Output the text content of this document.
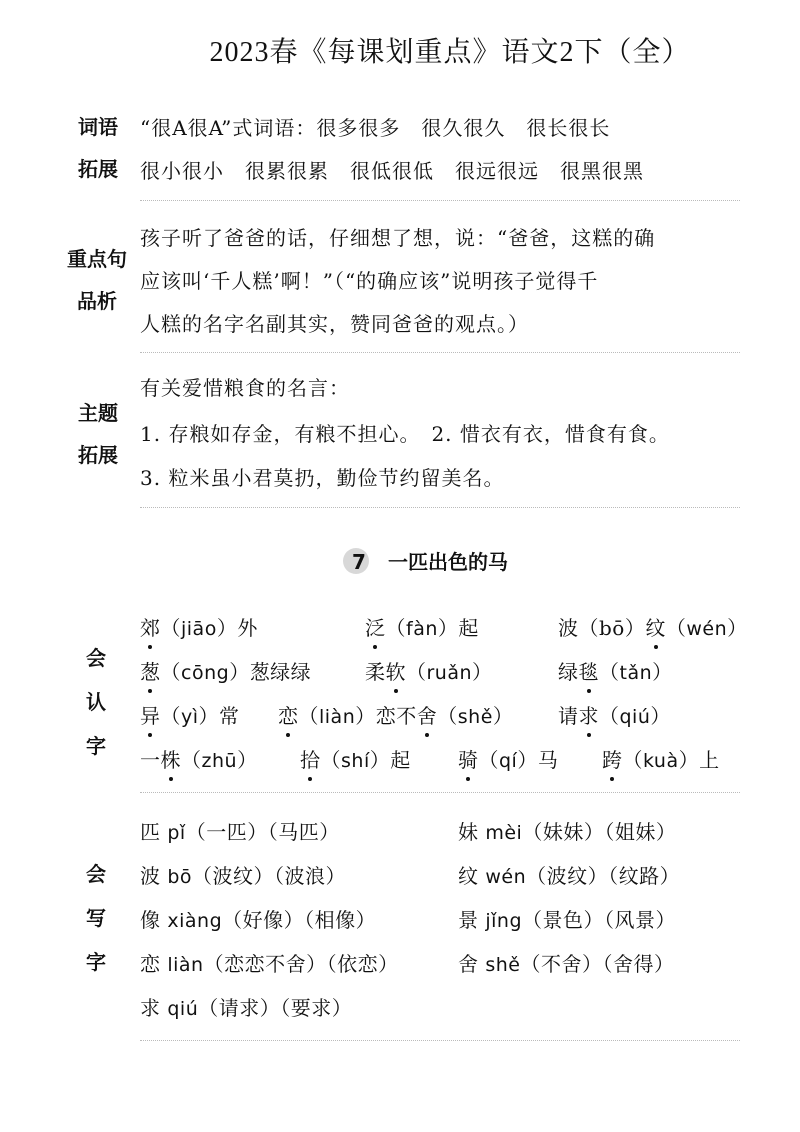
2023春《每课划重点》语文2下（全）
词语
拓展
“很A很A”式词语：很多很多　很久很久　很长很长
很小很小　很累很累　很低很低　很远很远　很黑很黑
重点句
品析
孩子听了爸爸的话，仔细想了想，说：“爸爸，这糕的确
应该叫‘千人糕’啊！”（“的确应该”说明孩子觉得千
人糕的名字名副其实，赞同爸爸的观点。）
主题
拓展
有关爱惜粮食的名言：
1. 存粮如存金，有粮不担心。　2. 惜衣有衣，惜食有食。
3. 粒米虽小君莫扔，勤俭节约留美名。
7 一匹出色的马
会
认
字
郊（jiāo）外	泛（fàn）起	波（bō）纹（wén）
葱（cōng）葱绿绿	柔软（ruǎn）	绿毯（tǎn）
异（yì）常 恋（liàn）恋不舍（shě） 请求（qiú）
一株（zhū） 拾（shí）起 骑（qí）马 跨（kuà）上
会
写
字
匹 pǐ（一匹）（马匹）	妹 mèi（妹妹）（姐妹）
波 bō（波纹）（波浪）	纹 wén（波纹）（纹路）
像 xiàng（好像）（相像）	景 jǐng（景色）（风景）
恋 liàn（恋恋不舍）（依恋）	舍 shě（不舍）（舍得）
求 qiú（请求）（要求）
